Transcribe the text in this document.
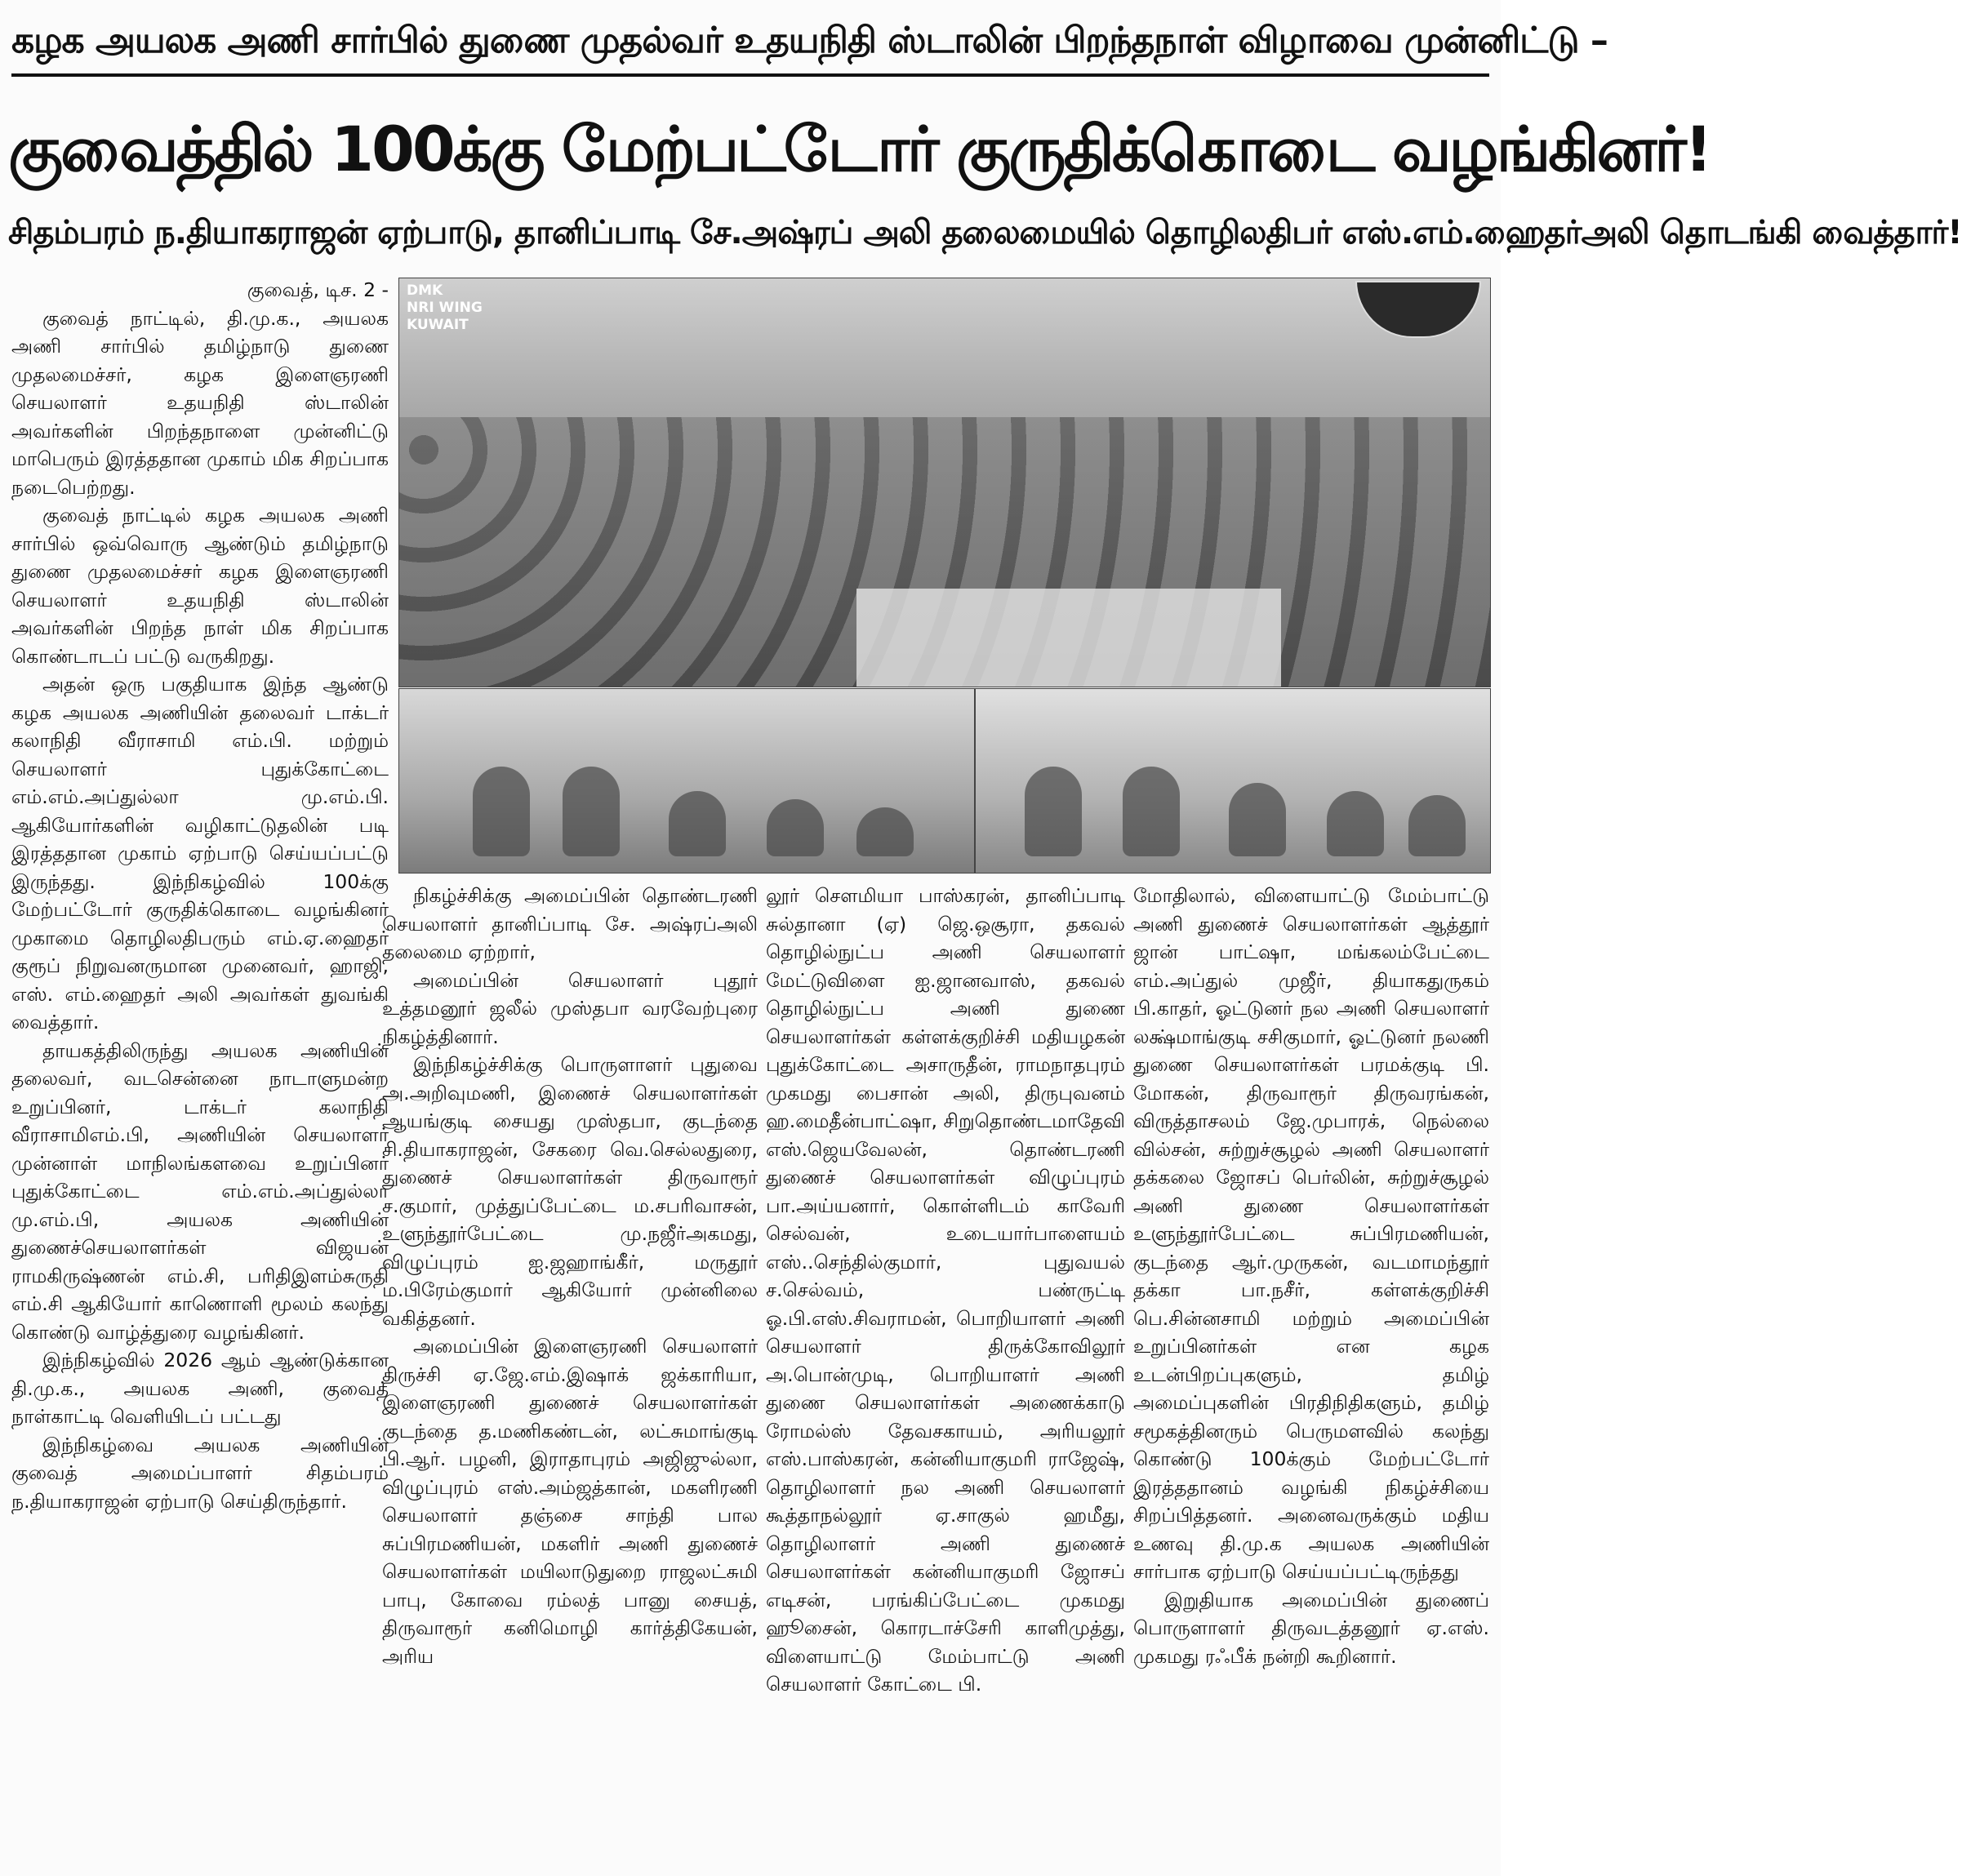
கழக அயலக அணி சார்பில் துணை முதல்வர் உதயநிதி ஸ்டாலின் பிறந்தநாள் விழாவை முன்னிட்டு –
குவைத்தில் 100க்கு மேற்பட்டோர் குருதிக்கொடை வழங்கினர்!
சிதம்பரம் ந.தியாகராஜன் ஏற்பாடு, தானிப்பாடி சே.அஷ்ரப் அலி தலைமையில் தொழிலதிபர் எஸ்.எம்.ஹைதர்அலி தொடங்கி வைத்தார்!
DMK
NRI WING
KUWAIT
குவைத், டிச. 2 -

குவைத் நாட்டில், தி.மு.க., அயலக அணி சார்பில் தமிழ்நாடு துணை முதலமைச்சர், கழக இளைஞரணி செயலாளர் உதயநிதி ஸ்டாலின் அவர்களின் பிறந்தநாளை முன்னிட்டு மாபெரும் இரத்ததான முகாம் மிக சிறப்பாக நடைபெற்றது.

குவைத் நாட்டில் கழக அயலக அணி சார்பில் ஒவ்வொரு ஆண்டும் தமிழ்நாடு துணை முதலமைச்சர் கழக இளைஞரணி செயலாளர் உதயநிதி ஸ்டாலின் அவர்களின் பிறந்த நாள் மிக சிறப்பாக கொண்டாடப் பட்டு வருகிறது.

அதன் ஒரு பகுதியாக இந்த ஆண்டு கழக அயலக அணியின் தலைவர் டாக்டர் கலாநிதி வீராசாமி எம்.பி. மற்றும் செயலாளர் புதுக்கோட்டை எம்.எம்.அப்துல்லா மு.எம்.பி. ஆகியோர்களின் வழிகாட்டுதலின் படி இரத்ததான முகாம் ஏற்பாடு செய்யப்பட்டு இருந்தது. இந்நிகழ்வில் 100க்கு மேற்பட்டோர் குருதிக்கொடை வழங்கினர் முகாமை தொழிலதிபரும் எம்.ஏ.ஹைதர் குரூப் நிறுவனருமான முனைவர், ஹாஜி, எஸ். எம்.ஹைதர் அலி அவர்கள் துவங்கி வைத்தார்.

தாயகத்திலிருந்து அயலக அணியின் தலைவர், வடசென்னை நாடாளுமன்ற உறுப்பினர், டாக்டர் கலாநிதி வீராசாமிஎம்.பி, அணியின் செயலாளர் முன்னாள் மாநிலங்களவை உறுப்பினர் புதுக்கோட்டை எம்.எம்.அப்துல்லா மு.எம்.பி, அயலக அணியின் துணைச்செயலாளர்கள் விஜயன் ராமகிருஷ்ணன் எம்.சி, பரிதிஇளம்சுருதி எம்.சி ஆகியோர் காணொளி மூலம் கலந்து கொண்டு வாழ்த்துரை வழங்கினர்.

இந்நிகழ்வில் 2026 ஆம் ஆண்டுக்கான தி.மு.க., அயலக அணி, குவைத் நாள்காட்டி வெளியிடப் பட்டது

இந்நிகழ்வை அயலக அணியின் குவைத் அமைப்பாளர் சிதம்பரம் ந.தியாகராஜன் ஏற்பாடு செய்திருந்தார்.

நிகழ்ச்சிக்கு அமைப்பின் தொண்டரணி செயலாளர் தானிப்பாடி சே. அஷ்ரப்அலி தலைமை ஏற்றார்,

அமைப்பின் செயலாளர் புதூர் உத்தமனூர் ஜலீல் முஸ்தபா வரவேற்புரை நிகழ்த்தினார்.

இந்நிகழ்ச்சிக்கு பொருளாளர் புதுவை அ.அறிவுமணி, இணைச் செயலாளர்கள் ஆயங்குடி சையது முஸ்தபா, குடந்தை சி.தியாகராஜன், சேகரை வெ.செல்லதுரை, துணைச் செயலாளர்கள் திருவாரூர் ச.குமார், முத்துப்பேட்டை ம.சபரிவாசன், உளுந்தூர்பேட்டை மு.நஜீர்அகமது, விழுப்புரம் ஐ.ஜஹாங்கீர், மருதூர் ம.பிரேம்குமார் ஆகியோர் முன்னிலை வகித்தனர்.

அமைப்பின் இளைஞரணி செயலாளர் திருச்சி ஏ.ஜே.எம்.இஷாக் ஜக்காரியா, இளைஞரணி துணைச் செயலாளர்கள் குடந்தை த.மணிகண்டன், லட்சுமாங்குடி பி.ஆர். பழனி, இராதாபுரம் அஜிஜுல்லா, விழுப்புரம் எஸ்.அம்ஜத்கான், மகளிரணி செயலாளர் தஞ்சை சாந்தி பால சுப்பிரமணியன், மகளிர் அணி துணைச் செயலாளர்கள் மயிலாடுதுறை ராஜலட்சுமி பாபு, கோவை ரம்லத் பானு சையத், திருவாரூர் கனிமொழி கார்த்திகேயன், அரிய

லூர் சௌமியா பாஸ்கரன், தானிப்பாடி சுல்தானா (ஏ) ஜெ.ஒசூரா, தகவல் தொழில்நுட்ப அணி செயலாளர் மேட்டுவிளை ஐ.ஜானவாஸ், தகவல் தொழில்நுட்ப அணி துணை செயலாளர்கள் கள்ளக்குறிச்சி மதியழகன் புதுக்கோட்டை அசாருதீன், ராமநாதபுரம் முகமது பைசான் அலி, திருபுவனம் ஹ.மைதீன்பாட்ஷா, சிறுதொண்டமாதேவி எஸ்.ஜெயவேலன், தொண்டரணி துணைச் செயலாளர்கள் விழுப்புரம் பா.அய்யனார், கொள்ளிடம் காவேரி செல்வன், உடையார்பாளையம் எஸ்..செந்தில்குமார், புதுவயல் ச.செல்வம், பண்ருட்டி ஓ.பி.எஸ்.சிவராமன், பொறியாளர் அணி செயலாளர் திருக்கோவிலூர் அ.பொன்முடி, பொறியாளர் அணி துணை செயலாளர்கள் அணைக்காடு ரோமல்ஸ் தேவசகாயம், அரியலூர் எஸ்.பாஸ்கரன், கன்னியாகுமரி ராஜேஷ், தொழிலாளர் நல அணி செயலாளர் கூத்தாநல்லூர் ஏ.சாகுல் ஹமீது, தொழிலாளர் அணி துணைச் செயலாளர்கள் கன்னியாகுமரி ஜோசப் எடிசன், பரங்கிப்பேட்டை முகமது ஹூசைன், கொரடாச்சேரி காளிமுத்து, விளையாட்டு மேம்பாட்டு அணி செயலாளர் கோட்டை பி.

மோதிலால், விளையாட்டு மேம்பாட்டு அணி துணைச் செயலாளர்கள் ஆத்தூர் ஜான் பாட்ஷா, மங்கலம்பேட்டை எம்.அப்துல் முஜீர், தியாகதுருகம் பி.காதர், ஓட்டுனர் நல அணி செயலாளர் லக்ஷ்மாங்குடி சசிகுமார், ஓட்டுனர் நலணி துணை செயலாளர்கள் பரமக்குடி பி. மோகன், திருவாரூர் திருவரங்கன், விருத்தாசலம் ஜே.முபாரக், நெல்லை வில்சன், சுற்றுச்சூழல் அணி செயலாளர் தக்கலை ஜோசப் பெர்லின், சுற்றுச்சூழல் அணி துணை செயலாளர்கள் உளுந்தூர்பேட்டை சுப்பிரமணியன், குடந்தை ஆர்.முருகன், வடமாமந்தூர் தக்கா பா.நசீர், கள்ளக்குறிச்சி பெ.சின்னசாமி மற்றும் அமைப்பின் உறுப்பினர்கள் என கழக உடன்பிறப்புகளும், தமிழ் அமைப்புகளின் பிரதிநிதிகளும், தமிழ் சமூகத்தினரும் பெருமளவில் கலந்து கொண்டு 100க்கும் மேற்பட்டோர் இரத்ததானம் வழங்கி நிகழ்ச்சியை சிறப்பித்தனர். அனைவருக்கும் மதிய உணவு தி.மு.க அயலக அணியின் சார்பாக ஏற்பாடு செய்யப்பட்டிருந்தது

இறுதியாக அமைப்பின் துணைப் பொருளாளர் திருவடத்தனூர் ஏ.எஸ். முகமது ரஃபீக் நன்றி கூறினார்.
